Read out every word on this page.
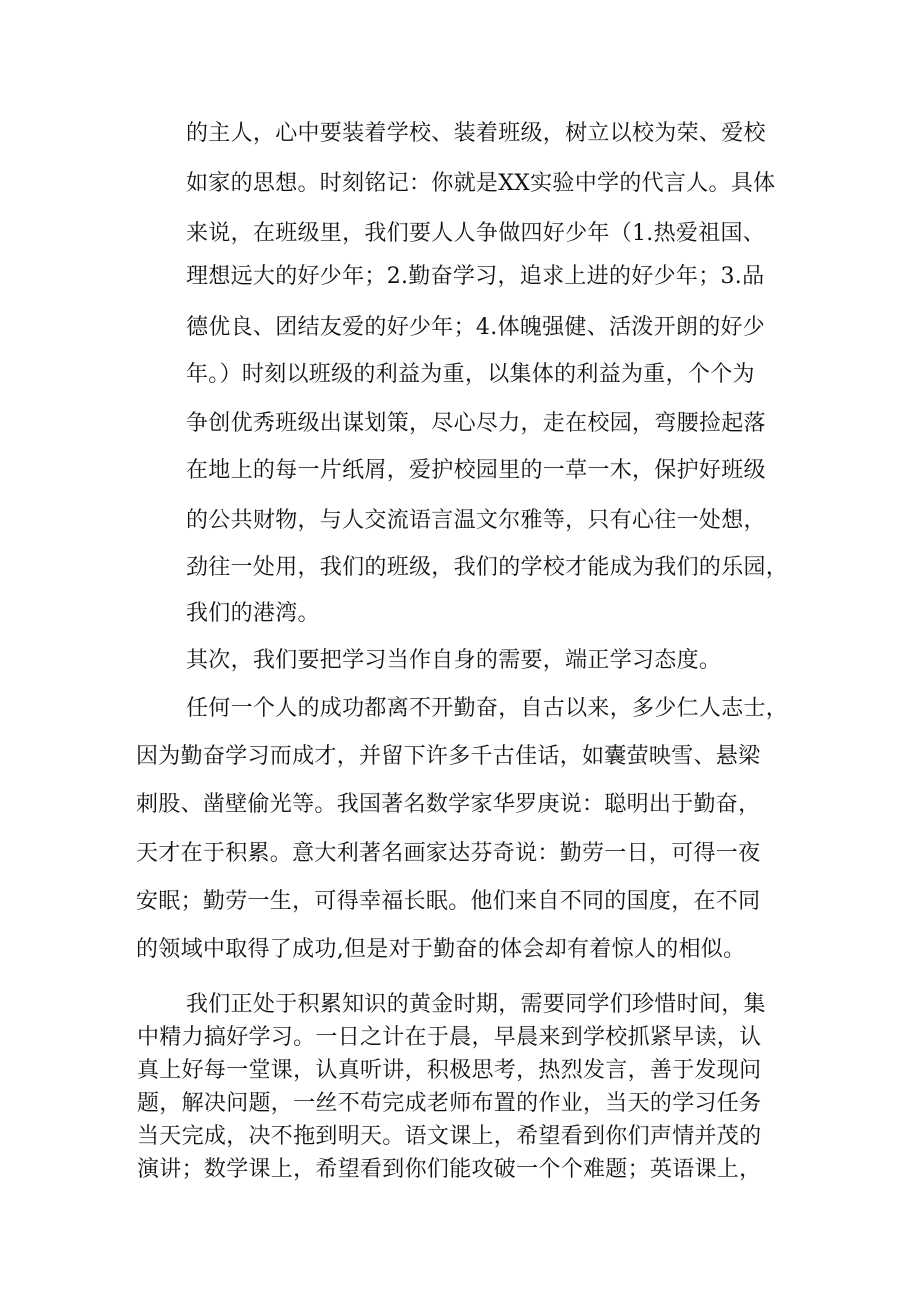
的主人，心中要装着学校、装着班级，树立以校为荣、爱校

如家的思想。时刻铭记：你就是XX实验中学的代言人。具体

来说，在班级里，我们要人人争做四好少年（1.热爱祖国、

理想远大的好少年；2.勤奋学习，追求上进的好少年；3.品

德优良、团结友爱的好少年；4.体魄强健、活泼开朗的好少

年。）时刻以班级的利益为重，以集体的利益为重，个个为

争创优秀班级出谋划策，尽心尽力，走在校园，弯腰捡起落

在地上的每一片纸屑，爱护校园里的一草一木，保护好班级

的公共财物，与人交流语言温文尔雅等，只有心往一处想，

劲往一处用，我们的班级，我们的学校才能成为我们的乐园，

我们的港湾。

其次，我们要把学习当作自身的需要，端正学习态度。

任何一个人的成功都离不开勤奋，自古以来，多少仁人志士，

因为勤奋学习而成才，并留下许多千古佳话，如囊萤映雪、悬梁

刺股、凿壁偷光等。我国著名数学家华罗庚说：聪明出于勤奋，

天才在于积累。意大利著名画家达芬奇说：勤劳一日，可得一夜

安眠；勤劳一生，可得幸福长眠。他们来自不同的国度，在不同

的领域中取得了成功,但是对于勤奋的体会却有着惊人的相似。

我们正处于积累知识的黄金时期，需要同学们珍惜时间，集

中精力搞好学习。一日之计在于晨，早晨来到学校抓紧早读，认

真上好每一堂课，认真听讲，积极思考，热烈发言，善于发现问

题，解决问题，一丝不苟完成老师布置的作业，当天的学习任务

当天完成，决不拖到明天。语文课上，希望看到你们声情并茂的

演讲；数学课上，希望看到你们能攻破一个个难题；英语课上，
